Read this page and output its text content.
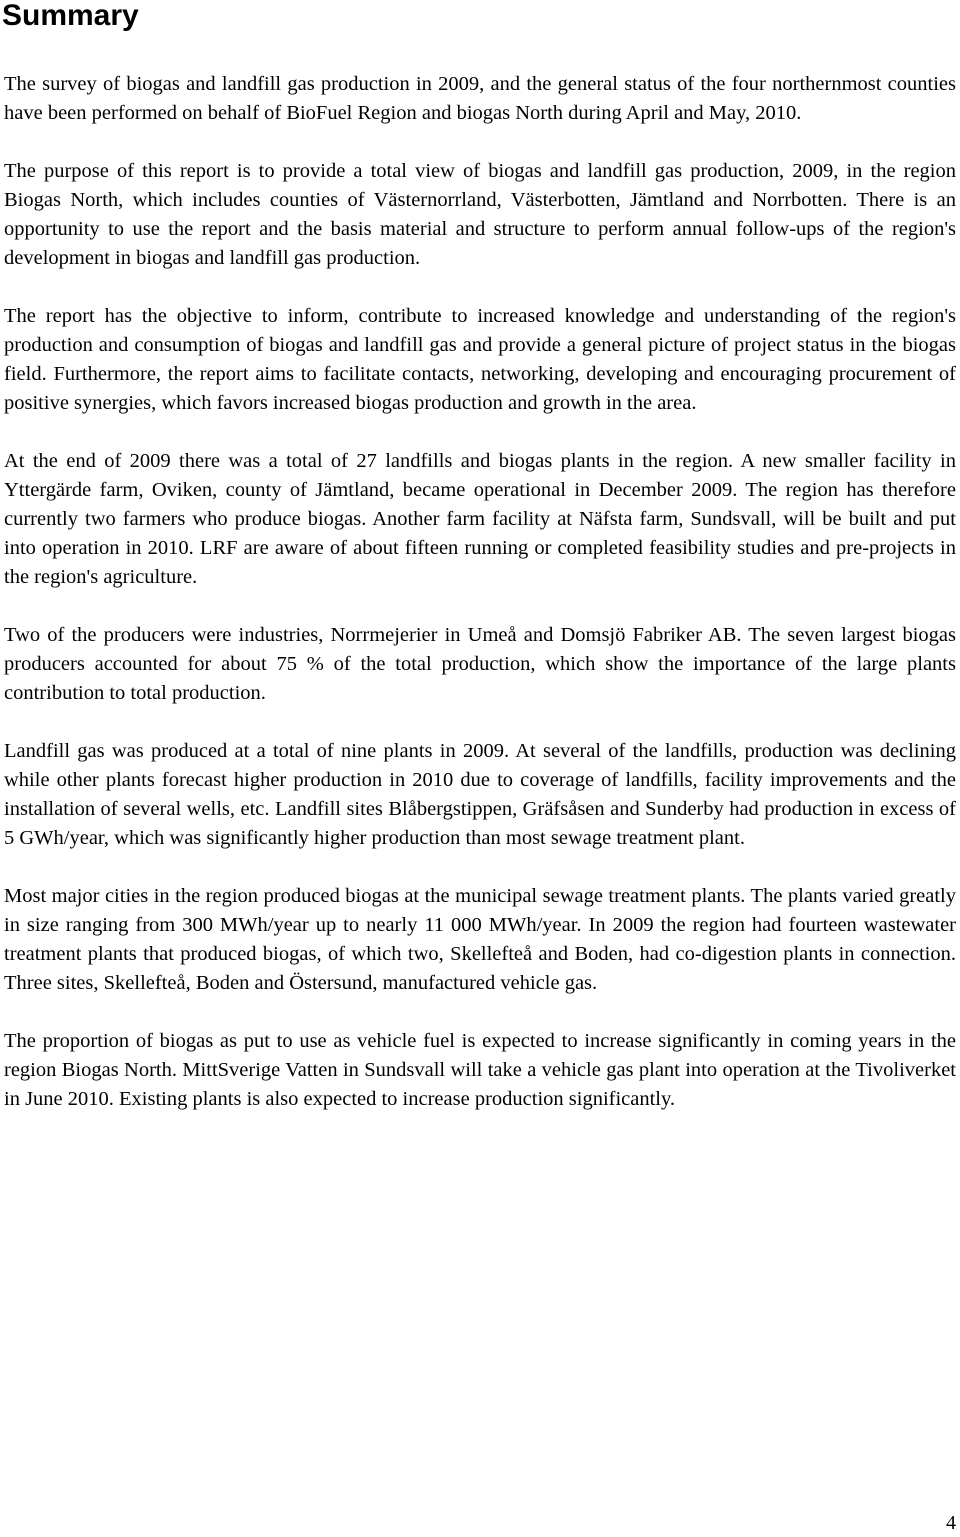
Summary

The survey of biogas and landfill gas production in 2009, and the general status of the four northernmost counties have been performed on behalf of BioFuel Region and biogas North during April and May, 2010.

The purpose of this report is to provide a total view of biogas and landfill gas production, 2009, in the region Biogas North, which includes counties of Västernorrland, Västerbotten, Jämtland and Norrbotten. There is an opportunity to use the report and the basis material and structure to perform annual follow-ups of the region's development in biogas and landfill gas production.

The report has the objective to inform, contribute to increased knowledge and understanding of the region's production and consumption of biogas and landfill gas and provide a general picture of project status in the biogas field. Furthermore, the report aims to facilitate contacts, networking, developing and encouraging procurement of positive synergies, which favors increased biogas production and growth in the area.

At the end of 2009 there was a total of 27 landfills and biogas plants in the region. A new smaller facility in Yttergärde farm, Oviken, county of Jämtland, became operational in December 2009. The region has therefore currently two farmers who produce biogas. Another farm facility at Näfsta farm, Sundsvall, will be built and put into operation in 2010. LRF are aware of about fifteen running or completed feasibility studies and pre-projects in the region's agriculture.

Two of the producers were industries, Norrmejerier in Umeå and Domsjö Fabriker AB. The seven largest biogas producers accounted for about 75 % of the total production, which show the importance of the large plants contribution to total production.

Landfill gas was produced at a total of nine plants in 2009. At several of the landfills, production was declining while other plants forecast higher production in 2010 due to coverage of landfills, facility improvements and the installation of several wells, etc. Landfill sites Blåbergstippen, Gräfsåsen and Sunderby had production in excess of 5 GWh/year, which was significantly higher production than most sewage treatment plant.

Most major cities in the region produced biogas at the municipal sewage treatment plants. The plants varied greatly in size ranging from 300 MWh/year up to nearly 11 000 MWh/year. In 2009 the region had fourteen wastewater treatment plants that produced biogas, of which two, Skellefteå and Boden, had co-digestion plants in connection. Three sites, Skellefteå, Boden and Östersund, manufactured vehicle gas.

The proportion of biogas as put to use as vehicle fuel is expected to increase significantly in coming years in the region Biogas North. MittSverige Vatten in Sundsvall will take a vehicle gas plant into operation at the Tivoliverket in June 2010. Existing plants is also expected to increase production significantly.

4
